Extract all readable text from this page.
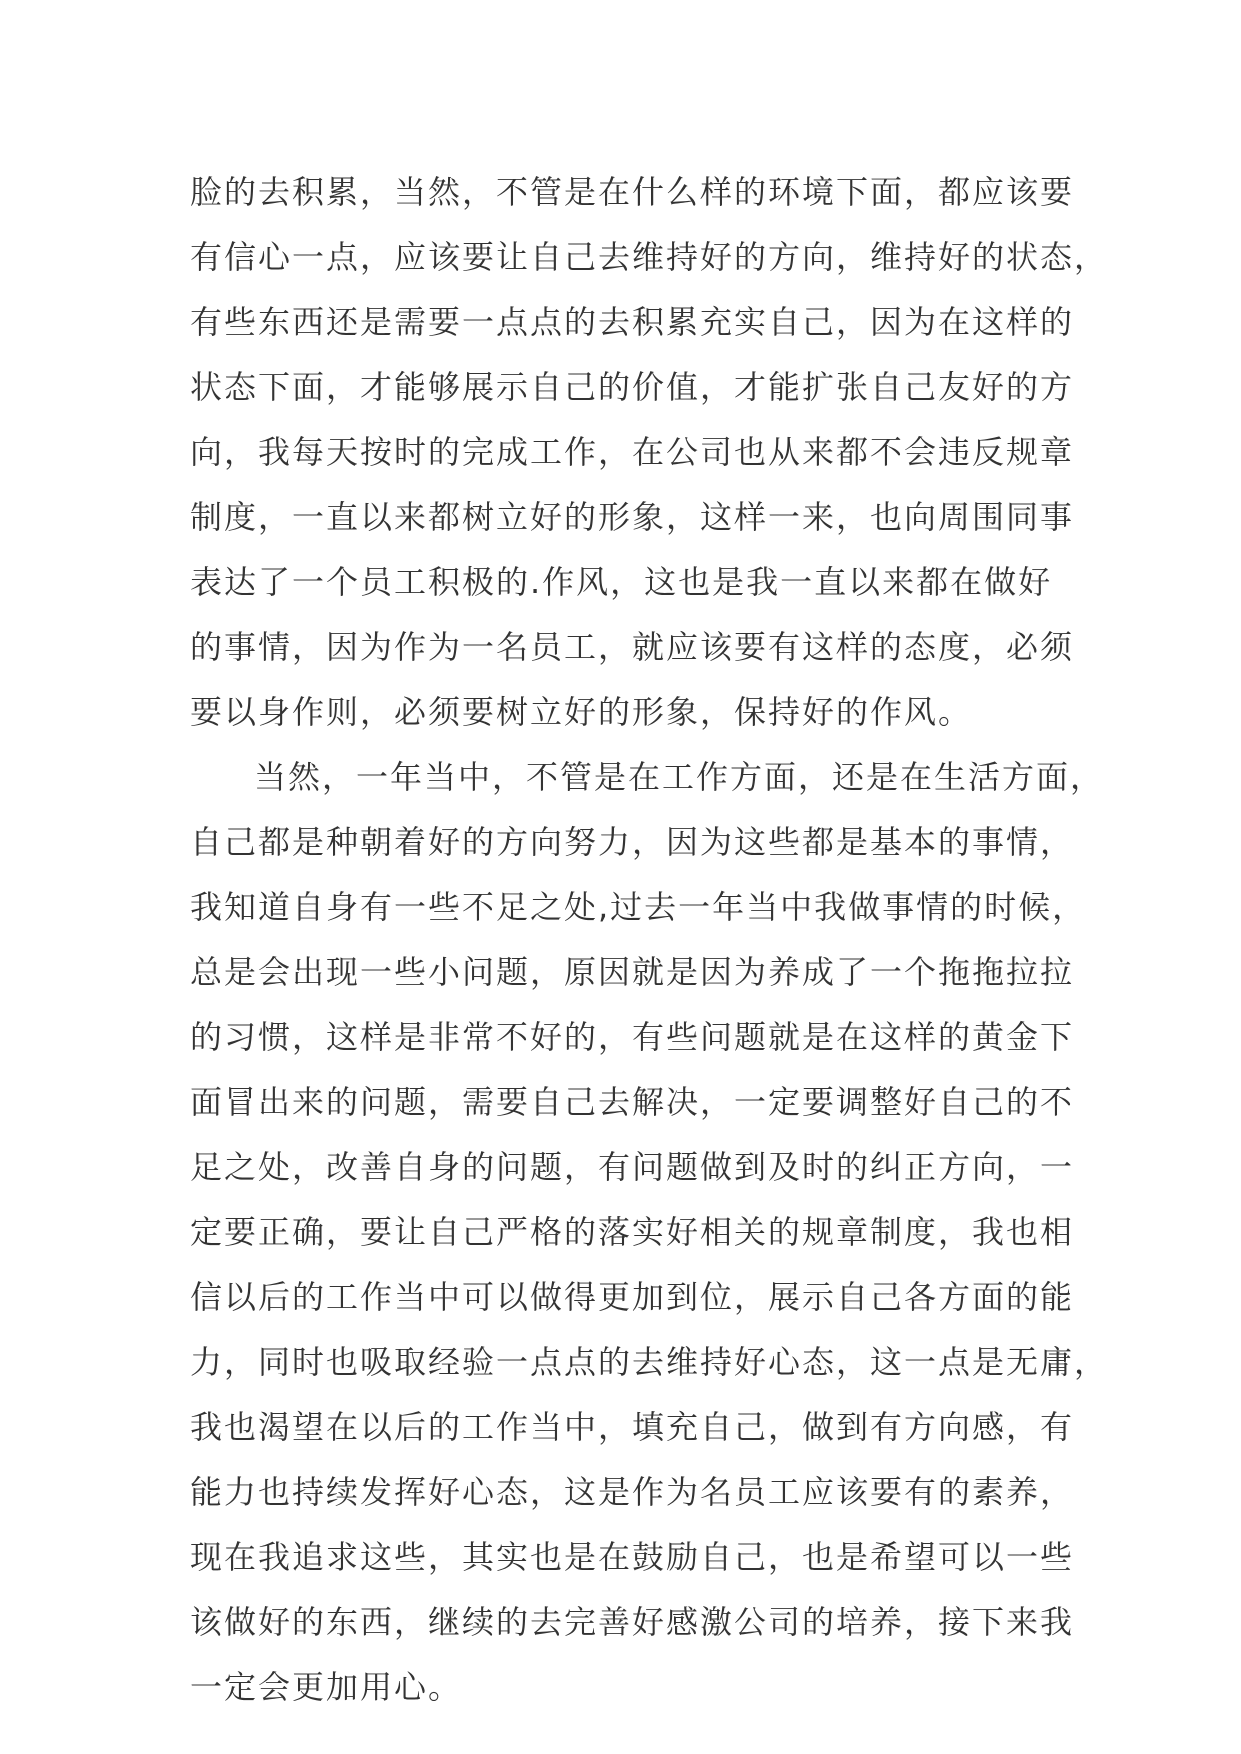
脸的去积累，当然，不管是在什么样的环境下面，都应该要
有信心一点，应该要让自己去维持好的方向，维持好的状态，
有些东西还是需要一点点的去积累充实自己，因为在这样的
状态下面，才能够展示自己的价值，才能扩张自己友好的方
向，我每天按时的完成工作，在公司也从来都不会违反规章
制度，一直以来都树立好的形象，这样一来，也向周围同事
表达了一个员工积极的.作风，这也是我一直以来都在做好
的事情，因为作为一名员工，就应该要有这样的态度，必须
要以身作则，必须要树立好的形象，保持好的作风。
当然，一年当中，不管是在工作方面，还是在生活方面，
自己都是种朝着好的方向努力，因为这些都是基本的事情，
我知道自身有一些不足之处,过去一年当中我做事情的时候，
总是会出现一些小问题，原因就是因为养成了一个拖拖拉拉
的习惯，这样是非常不好的，有些问题就是在这样的黄金下
面冒出来的问题，需要自己去解决，一定要调整好自己的不
足之处，改善自身的问题，有问题做到及时的纠正方向，一
定要正确，要让自己严格的落实好相关的规章制度，我也相
信以后的工作当中可以做得更加到位，展示自己各方面的能
力，同时也吸取经验一点点的去维持好心态，这一点是无庸，
我也渴望在以后的工作当中，填充自己，做到有方向感，有
能力也持续发挥好心态，这是作为名员工应该要有的素养，
现在我追求这些，其实也是在鼓励自己，也是希望可以一些
该做好的东西，继续的去完善好感激公司的培养，接下来我
一定会更加用心。
